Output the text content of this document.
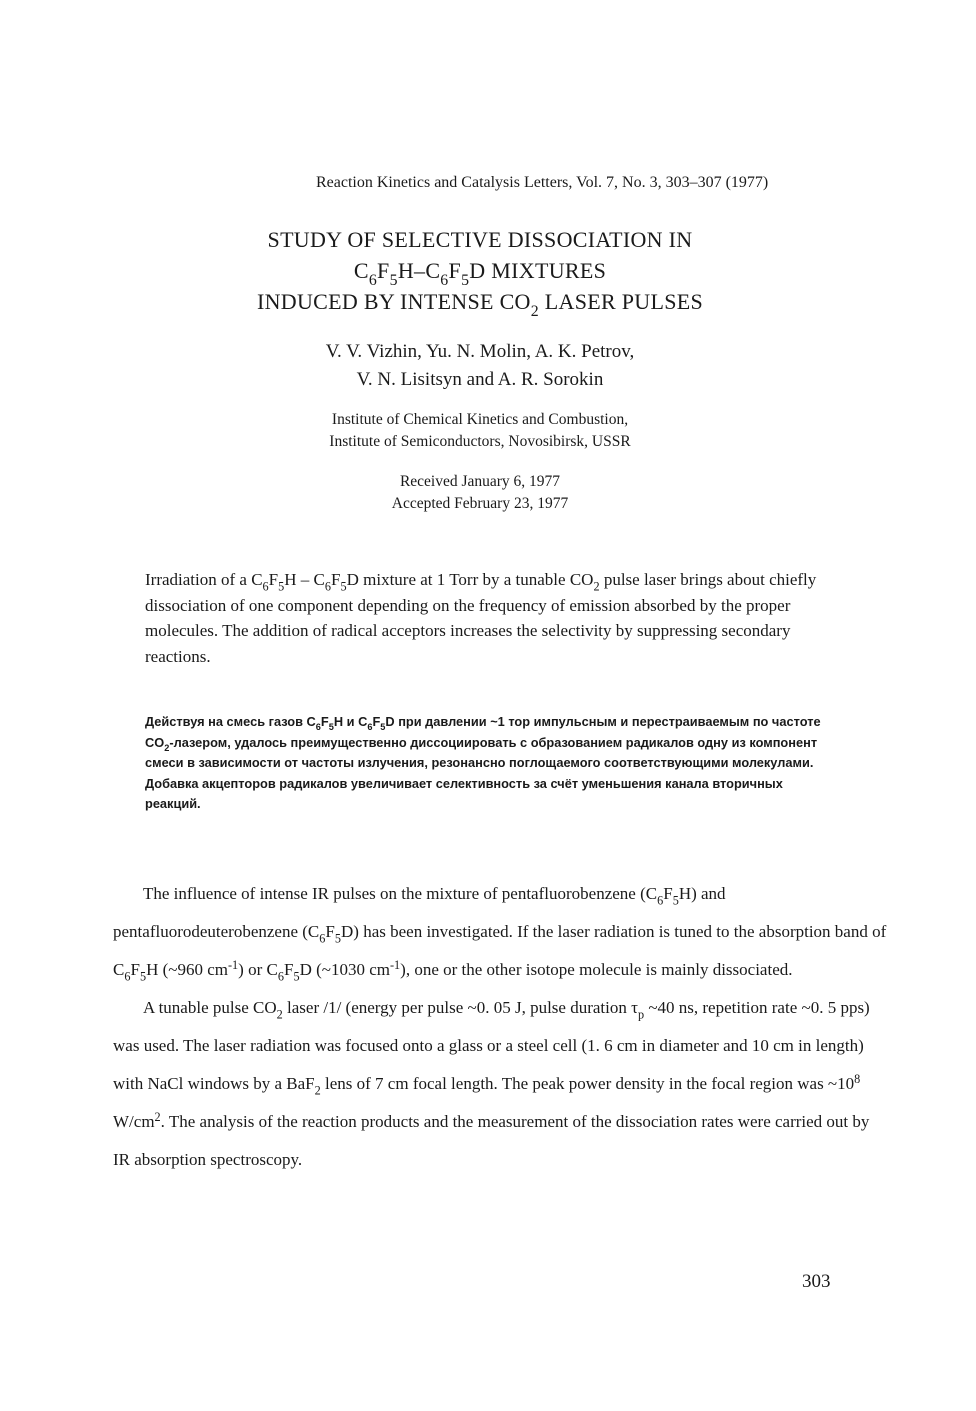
Reaction Kinetics and Catalysis Letters, Vol. 7, No. 3, 303–307 (1977)
STUDY OF SELECTIVE DISSOCIATION IN
$C_6F_5H-C_6F_5D$ MIXTURES
INDUCED BY INTENSE $CO_2$ LASER PULSES
V. V. Vizhin, Yu. N. Molin, A. K. Petrov,
V. N. Lisitsyn and A. R. Sorokin
Institute of Chemical Kinetics and Combustion,
Institute of Semiconductors, Novosibirsk, USSR
Received January 6, 1977
Accepted February 23, 1977
Irradiation of a $C_6F_5H - C_6F_5D$ mixture at 1 Torr by a tunable $CO_2$ pulse laser brings about chiefly dissociation of one component depending on the frequency of emission absorbed by the proper molecules. The addition of radical acceptors increases the selectivity by suppressing secondary reactions.
Действуя на смесь газов $C_6F_5H$ и $C_6F_5D$ при давлении ~1 тор импульсным и перестраиваемым по частоте $CO_2$-лазером, удалось преимущественно диссоциировать с образованием радикалов одну из компонент смеси в зависимости от частоты излучения, резонансно поглощаемого соответствующими молекулами. Добавка акцепторов радикалов увеличивает селективность за счёт уменьшения канала вторичных реакций.

The influence of intense IR pulses on the mixture of pentafluorobenzene $(C_6F_5H)$ and pentafluorodeuterobenzene $(C_6F_5D)$ has been investigated. If the laser radiation is tuned to the absorption band of $C_6F_5H$ (~960 $cm^{-1}$) or $C_6F_5D$ (~1030 $cm^{-1}$), one or the other isotope molecule is mainly dissociated.

A tunable pulse $CO_2$ laser /1/ (energy per pulse ~0. 05 J, pulse duration $\tau_p$ ~40 ns, repetition rate ~0. 5 pps) was used. The laser radiation was focused onto a glass or a steel cell (1. 6 cm in diameter and 10 cm in length) with NaCl windows by a BaF$_2$ lens of 7 cm focal length. The peak power density in the focal region was $\sim 10^8$ $W/cm^2$. The analysis of the reaction products and the measurement of the dissociation rates were carried out by IR absorption spectroscopy.

303
